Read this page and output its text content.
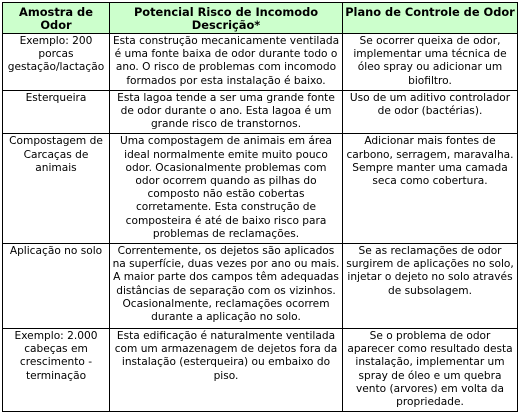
Amostra de Odor	Potencial Risco de Incomodo Descrição*	Plano de Controle de Odor
Exemplo: 200 porcas gestação/lactação	Esta construção mecanicamente ventilada é uma fonte baixa de odor durante todo o ano. O risco de problemas com incomodo formados por esta instalação é baixo.	Se ocorrer queixa de odor, implementar uma técnica de óleo spray ou adicionar um biofiltro.
Esterqueira	Esta lagoa tende a ser uma grande fonte de odor durante o ano. Esta lagoa é um grande risco de transtornos.	Uso de um aditivo controlador de odor (bactérias).
Compostagem de Carcaças de animais	Uma compostagem de animais em área ideal normalmente emite muito pouco odor. Ocasionalmente problemas com odor ocorrem quando as pilhas do composto não estão cobertas corretamente. Esta construção de composteira é até de baixo risco para problemas de reclamações.	Adicionar mais fontes de carbono, serragem, maravalha. Sempre manter uma camada seca como cobertura.
Aplicação no solo	Correntemente, os dejetos são aplicados na superfície, duas vezes por ano ou mais. A maior parte dos campos têm adequadas distâncias de separação com os vizinhos. Ocasionalmente, reclamações ocorrem durante a aplicação no solo.	Se as reclamações de odor surgirem de aplicações no solo, injetar o dejeto no solo através de subsolagem.
Exemplo: 2.000 cabeças em crescimento - terminação	Esta edificação é naturalmente ventilada com um armazenagem de dejetos fora da instalação (esterqueira) ou embaixo do piso.	Se o problema de odor aparecer como resultado desta instalação, implementar um spray de óleo e um quebra vento (arvores) em volta da propriedade.
